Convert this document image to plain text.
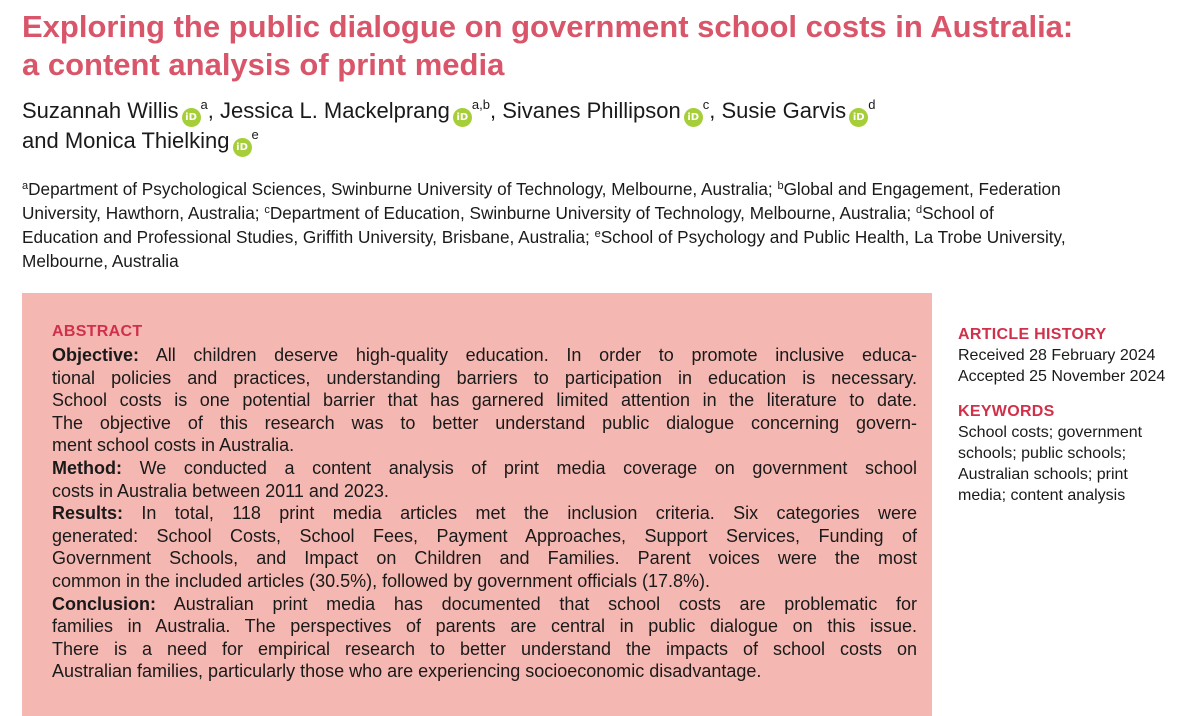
Exploring the public dialogue on government school costs in Australia:
a content analysis of print media
Suzannah Willis $iD^a$, Jessica L. Mackelprang iD$^{a,b}$, Sivanes Phillipson $iD^c$, Susie Garvis $iD^d$
and Monica Thielking $iD^e$
$^a$Department of Psychological Sciences, Swinburne University of Technology, Melbourne, Australia; $^b$Global and Engagement, Federation
University, Hawthorn, Australia; $^c$Department of Education, Swinburne University of Technology, Melbourne, Australia; $^d$School of
Education and Professional Studies, Griffith University, Brisbane, Australia; $^e$School of Psychology and Public Health, La Trobe University,
Melbourne, Australia
ABSTRACT
Objective: All children deserve high-quality education. In order to promote inclusive educa-
tional policies and practices, understanding barriers to participation in education is necessary.
School costs is one potential barrier that has garnered limited attention in the literature to date.
The objective of this research was to better understand public dialogue concerning govern-
ment school costs in Australia.
Method: We conducted a content analysis of print media coverage on government school
costs in Australia between 2011 and 2023.
Results: In total, 118 print media articles met the inclusion criteria. Six categories were
generated: School Costs, School Fees, Payment Approaches, Support Services, Funding of
Government Schools, and Impact on Children and Families. Parent voices were the most
common in the included articles (30.5%), followed by government officials (17.8%).
Conclusion: Australian print media has documented that school costs are problematic for
families in Australia. The perspectives of parents are central in public dialogue on this issue.
There is a need for empirical research to better understand the impacts of school costs on
Australian families, particularly those who are experiencing socioeconomic disadvantage.
ARTICLE HISTORY
Received 28 February 2024
Accepted 25 November 2024
KEYWORDS
School costs; government
schools; public schools;
Australian schools; print
media; content analysis
